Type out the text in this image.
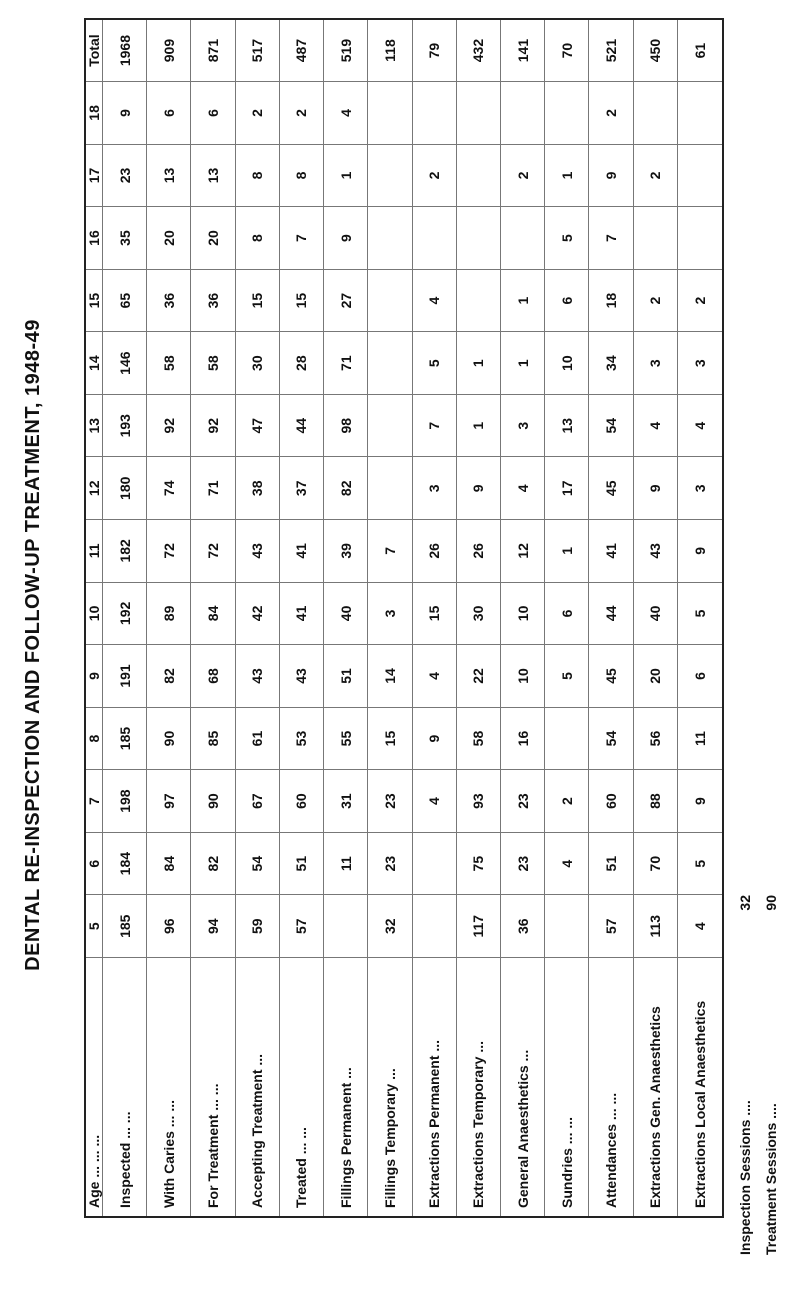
DENTAL RE-INSPECTION AND FOLLOW-UP TREATMENT, 1948-49
Age ... ... ...	5	6	7	8	9	10	11	12	13	14	15	16	17	18	Total
Inspected ... ...	185	184	198	185	191	192	182	180	193	146	65	35	23	9	1968
With Caries ... ...	96	84	97	90	82	89	72	74	92	58	36	20	13	6	909
For Treatment ... ...	94	82	90	85	68	84	72	71	92	58	36	20	13	6	871
Accepting Treatment ...	59	54	67	61	43	42	43	38	47	30	15	8	8	2	517
Treated ... ...	57	51	60	53	43	41	41	37	44	28	15	7	8	2	487
Fillings Permanent ...		11	31	55	51	40	39	82	98	71	27	9	1	4	519
Fillings Temporary ...	32	23	23	15	14	3	7								118
Extractions Permanent ...			4	9	4	15	26	3	7	5	4		2		79
Extractions Temporary ...	117	75	93	58	22	30	26	9	1	1					432
General Anaesthetics ...	36	23	23	16	10	10	12	4	3	1	1		2		141
Sundries ... ...		4	2		5	6	1	17	13	10	6	5	1		70
Attendances ... ...	57	51	60	54	45	44	41	45	54	34	18	7	9	2	521
Extractions Gen. Anaesthetics	113	70	88	56	20	40	43	9	4	3	2		2		450
Extractions Local Anaesthetics	4	5	9	11	6	5	9	3	4	3	2				61
Inspection Sessions ....
32
Treatment Sessions ....
90
